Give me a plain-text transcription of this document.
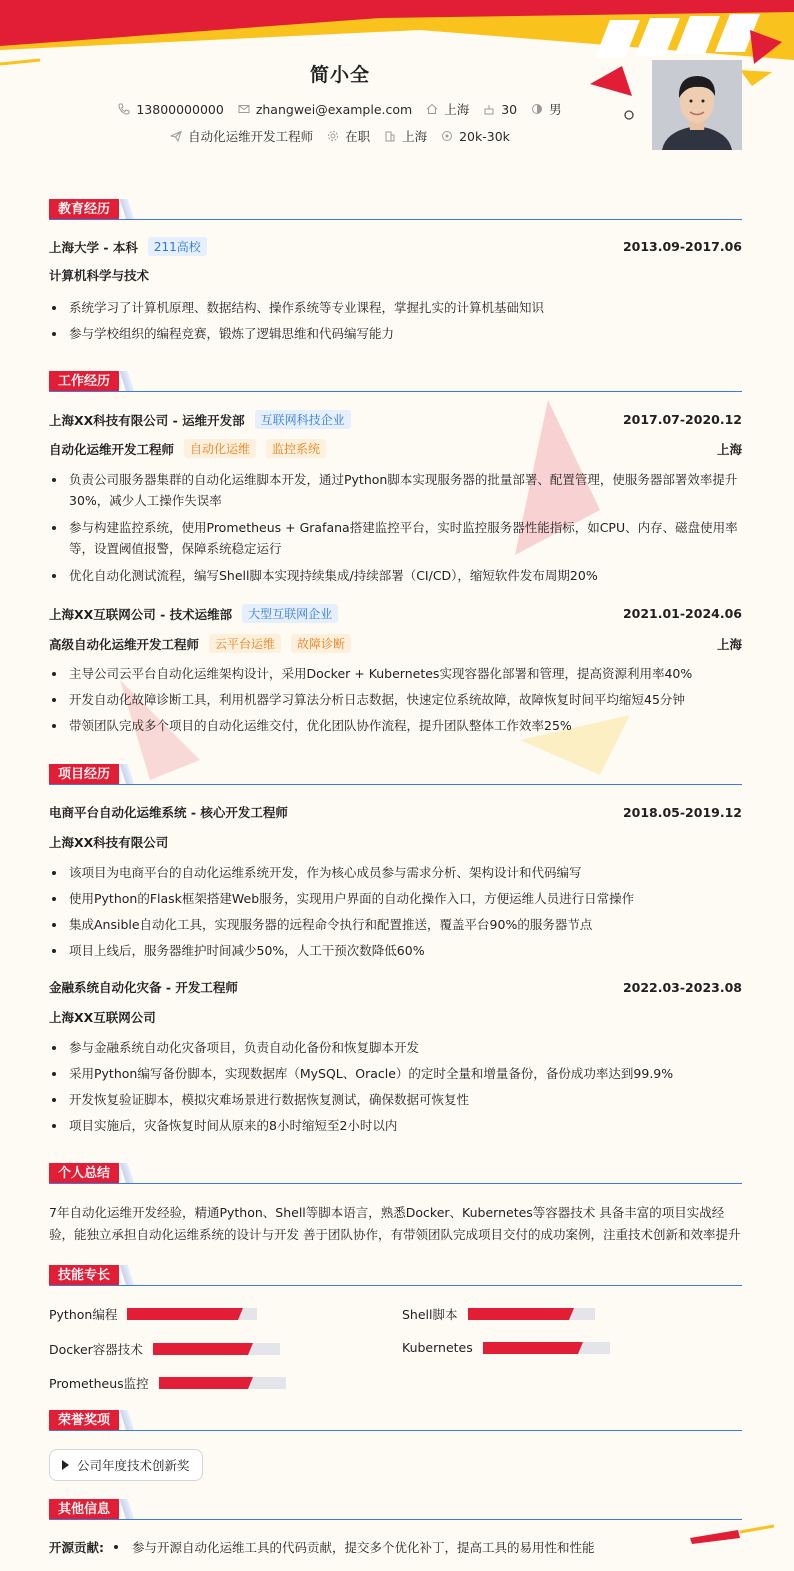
简小全
13800000000	zhangwei@example.com	上海	30	男
自动化运维开发工程师	在职	上海	20k-30k
教育经历
上海大学 - 本科	211高校	2013.09-2017.06
计算机科学与技术
系统学习了计算机原理、数据结构、操作系统等专业课程，掌握扎实的计算机基础知识
参与学校组织的编程竞赛，锻炼了逻辑思维和代码编写能力
工作经历
上海XX科技有限公司 - 运维开发部	互联网科技企业	2017.07-2020.12
自动化运维开发工程师	自动化运维	监控系统	上海
负责公司服务器集群的自动化运维脚本开发，通过Python脚本实现服务器的批量部署、配置管理，使服务器部署效率提升30%，减少人工操作失误率
参与构建监控系统，使用Prometheus + Grafana搭建监控平台，实时监控服务器性能指标，如CPU、内存、磁盘使用率等，设置阈值报警，保障系统稳定运行
优化自动化测试流程，编写Shell脚本实现持续集成/持续部署（CI/CD），缩短软件发布周期20%
上海XX互联网公司 - 技术运维部	大型互联网企业	2021.01-2024.06
高级自动化运维开发工程师	云平台运维	故障诊断	上海
主导公司云平台自动化运维架构设计，采用Docker + Kubernetes实现容器化部署和管理，提高资源利用率40%
开发自动化故障诊断工具，利用机器学习算法分析日志数据，快速定位系统故障，故障恢复时间平均缩短45分钟
带领团队完成多个项目的自动化运维交付，优化团队协作流程，提升团队整体工作效率25%
项目经历
电商平台自动化运维系统 - 核心开发工程师	2018.05-2019.12
上海XX科技有限公司
该项目为电商平台的自动化运维系统开发，作为核心成员参与需求分析、架构设计和代码编写
使用Python的Flask框架搭建Web服务，实现用户界面的自动化操作入口，方便运维人员进行日常操作
集成Ansible自动化工具，实现服务器的远程命令执行和配置推送，覆盖平台90%的服务器节点
项目上线后，服务器维护时间减少50%，人工干预次数降低60%
金融系统自动化灾备 - 开发工程师	2022.03-2023.08
上海XX互联网公司
参与金融系统自动化灾备项目，负责自动化备份和恢复脚本开发
采用Python编写备份脚本，实现数据库（MySQL、Oracle）的定时全量和增量备份，备份成功率达到99.9%
开发恢复验证脚本，模拟灾难场景进行数据恢复测试，确保数据可恢复性
项目实施后，灾备恢复时间从原来的8小时缩短至2小时以内
个人总结
7年自动化运维开发经验，精通Python、Shell等脚本语言，熟悉Docker、Kubernetes等容器技术 具备丰富的项目实战经验，能独立承担自动化运维系统的设计与开发 善于团队协作，有带领团队完成项目交付的成功案例，注重技术创新和效率提升
技能专长
Python编程	Shell脚本
Docker容器技术	Kubernetes
Prometheus监控
荣誉奖项
公司年度技术创新奖
其他信息
开源贡献: 参与开源自动化运维工具的代码贡献，提交多个优化补丁，提高工具的易用性和性能
